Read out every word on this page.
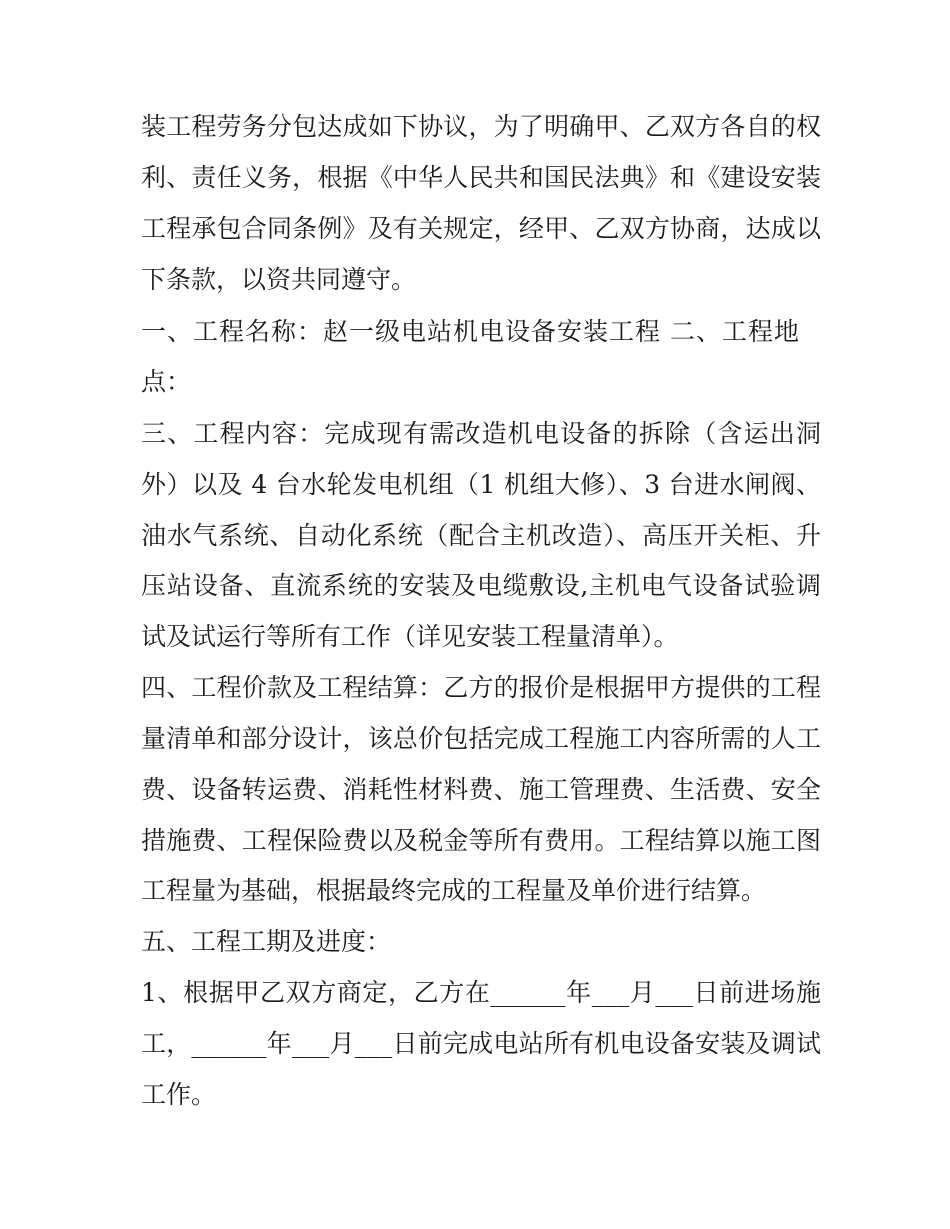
装工程劳务分包达成如下协议，为了明确甲、乙双方各自的权
利、责任义务，根据《中华人民共和国民法典》和《建设安装
工程承包合同条例》及有关规定，经甲、乙双方协商，达成以
下条款，以资共同遵守。
一、工程名称：赵一级电站机电设备安装工程 二、工程地
点：
三、工程内容：完成现有需改造机电设备的拆除（含运出洞
外）以及 4 台水轮发电机组（1 机组大修）、3 台进水闸阀、
油水气系统、自动化系统（配合主机改造）、高压开关柜、升
压站设备、直流系统的安装及电缆敷设,主机电气设备试验调
试及试运行等所有工作（详见安装工程量清单）。
四、工程价款及工程结算：乙方的报价是根据甲方提供的工程
量清单和部分设计，该总价包括完成工程施工内容所需的人工
费、设备转运费、消耗性材料费、施工管理费、生活费、安全
措施费、工程保险费以及税金等所有费用。工程结算以施工图
工程量为基础，根据最终完成的工程量及单价进行结算。
五、工程工期及进度：
1、根据甲乙双方商定，乙方在______年___月___日前进场施
工，______年___月___日前完成电站所有机电设备安装及调试
工作。
